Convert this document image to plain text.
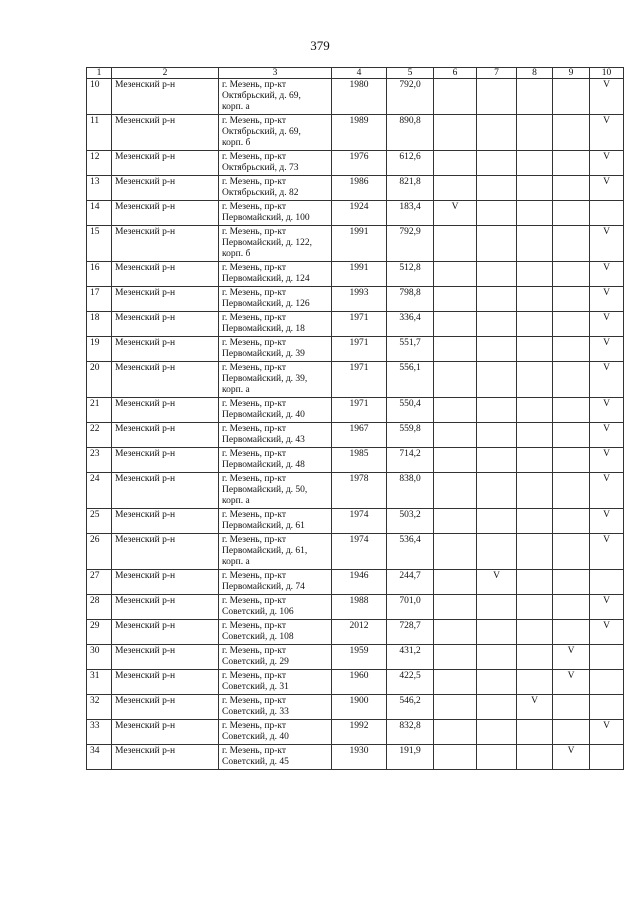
379
1	2	3	4	5	6	7	8	9	10
10	Мезенский р-н	г. Мезень, пр-кт
Октябрьский, д. 69,
корп. а	1980	792,0					V
11	Мезенский р-н	г. Мезень, пр-кт
Октябрьский, д. 69,
корп. б	1989	890,8					V
12	Мезенский р-н	г. Мезень, пр-кт
Октябрьский, д. 73	1976	612,6					V
13	Мезенский р-н	г. Мезень, пр-кт
Октябрьский, д. 82	1986	821,8					V
14	Мезенский р-н	г. Мезень, пр-кт
Первомайский, д. 100	1924	183,4	V				
15	Мезенский р-н	г. Мезень, пр-кт
Первомайский, д. 122,
корп. б	1991	792,9					V
16	Мезенский р-н	г. Мезень, пр-кт
Первомайский, д. 124	1991	512,8					V
17	Мезенский р-н	г. Мезень, пр-кт
Первомайский, д. 126	1993	798,8					V
18	Мезенский р-н	г. Мезень, пр-кт
Первомайский, д. 18	1971	336,4					V
19	Мезенский р-н	г. Мезень, пр-кт
Первомайский, д. 39	1971	551,7					V
20	Мезенский р-н	г. Мезень, пр-кт
Первомайский, д. 39,
корп. а	1971	556,1					V
21	Мезенский р-н	г. Мезень, пр-кт
Первомайский, д. 40	1971	550,4					V
22	Мезенский р-н	г. Мезень, пр-кт
Первомайский, д. 43	1967	559,8					V
23	Мезенский р-н	г. Мезень, пр-кт
Первомайский, д. 48	1985	714,2					V
24	Мезенский р-н	г. Мезень, пр-кт
Первомайский, д. 50,
корп. а	1978	838,0					V
25	Мезенский р-н	г. Мезень, пр-кт
Первомайский, д. 61	1974	503,2					V
26	Мезенский р-н	г. Мезень, пр-кт
Первомайский, д. 61,
корп. а	1974	536,4					V
27	Мезенский р-н	г. Мезень, пр-кт
Первомайский, д. 74	1946	244,7		V			
28	Мезенский р-н	г. Мезень, пр-кт
Советский, д. 106	1988	701,0					V
29	Мезенский р-н	г. Мезень, пр-кт
Советский, д. 108	2012	728,7					V
30	Мезенский р-н	г. Мезень, пр-кт
Советский, д. 29	1959	431,2				V	
31	Мезенский р-н	г. Мезень, пр-кт
Советский, д. 31	1960	422,5				V	
32	Мезенский р-н	г. Мезень, пр-кт
Советский, д. 33	1900	546,2			V		
33	Мезенский р-н	г. Мезень, пр-кт
Советский, д. 40	1992	832,8					V
34	Мезенский р-н	г. Мезень, пр-кт
Советский, д. 45	1930	191,9				V	
